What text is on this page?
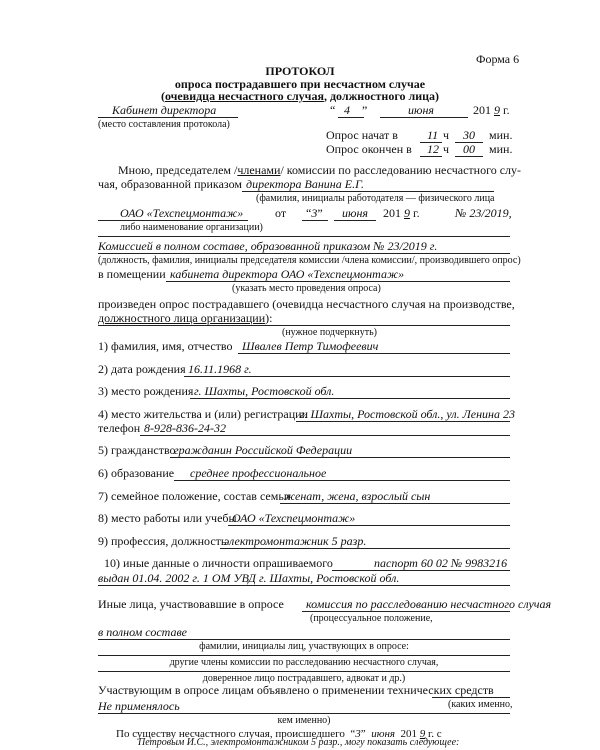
Форма 6
ПРОТОКОЛ
опроса пострадавшего при несчастном случае
(очевидца несчастного случая, должностного лица)
Кабинет директора
(место составления протокола)
“ 4 ”	июня	201 9 г.
Опрос начат в 11 ч 30 мин.
Опрос окончен в 12 ч 00 мин.
Мною, председателем /членами/ комиссии по расследованию несчастного слу-
чая, образованной приказом директора Ванина Е.Г.
(фамилия, инициалы работодателя — физического лица
ОАО «Техспецмонтаж»	от “3” июня 201 9 г.	№ 23/2019,
либо наименование организации)
Комиссией в полном составе, образованной приказом № 23/2019 г.
(должность, фамилия, инициалы председателя комиссии /члена комиссии/, производившего опрос)
в помещении кабинета директора ОАО «Техспецмонтаж»
(указать место проведения опроса)
произведен опрос пострадавшего (очевидца несчастного случая на производстве,
должностного лица организации):
(нужное подчеркнуть)
1) фамилия, имя, отчество Швалев Петр Тимофеевич
2) дата рождения 16.11.1968 г.
3) место рождения г. Шахты, Ростовской обл.
4) место жительства и (или) регистрации
г. Шахты, Ростовской обл., ул. Ленина 23
телефон 8-928-836-24-32
5) гражданство
гражданин Российской Федерации
6) образование среднее профессиональное
7) семейное положение, состав семьи
женат, жена, взрослый сын
8) место работы или учебы
ОАО «Техспецмонтаж»
9) профессия, должность
электромонтажник 5 разр.
10) иные данные о личности опрашиваемого	паспорт 60 02 № 9983216
выдан 01.04. 2002 г. 1 ОМ УВД г. Шахты, Ростовской обл.
Иные лица, участвовавшие в опросе комиссия по расследованию несчастного случая
(процессуальное положение,
в полном составе
фамилии, инициалы лиц, участвующих в опросе:
другие члены комиссии по расследованию несчастного случая,
доверенное лицо пострадавшего, адвокат и др.)
Участвующим в опросе лицам объявлено о применении технических средств
(каких именно,
Не применялось
кем именно)
По существу несчастного случая, происшедшего “3” июня 201 9 г. с
Петровым И.С., электромонтажником 5 разр., могу показать следующее:
